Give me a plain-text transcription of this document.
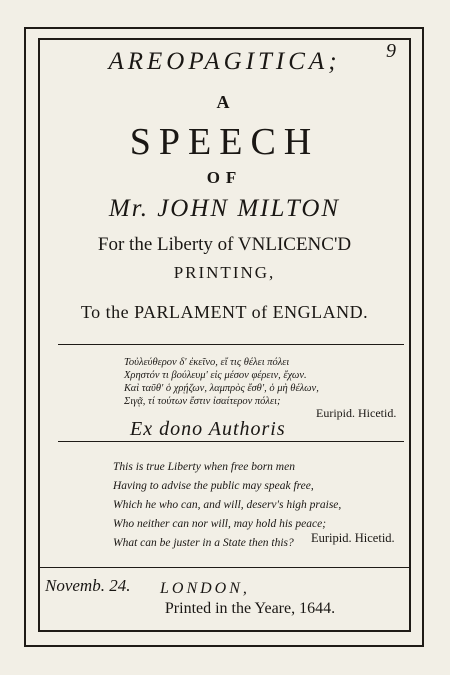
AREOPAGITICA;	9
A
SPEECH
OF
Mr. JOHN MILTON
For the Liberty of VNLICENC'D
PRINTING,
To the PARLAMENT of ENGLAND.
Τοὐλεύθερον δ' ἐκεῖνο, εἴ τις θέλει πόλει
Χρηστόν τι βούλευμ' εἰς μέσον φέρειν, ἔχων.
Καὶ ταῦθ' ὁ χρῄζων, λαμπρὸς ἔσθ', ὁ μὴ θέλων,
Σιγᾷ, τί τούτων ἔστιν ἰσαίτερον πόλει;
Euripid. Hicetid.
Ex dono Authoris
This is true Liberty when free born men
Having to advise the public may speak free,
Which he who can, and will, deserv's high praise,
Who neither can nor will, may hold his peace;
What can be juster in a State then this?	Euripid. Hicetid.
Novemb. 24. LONDON,
Printed in the Yeare, 1644.
